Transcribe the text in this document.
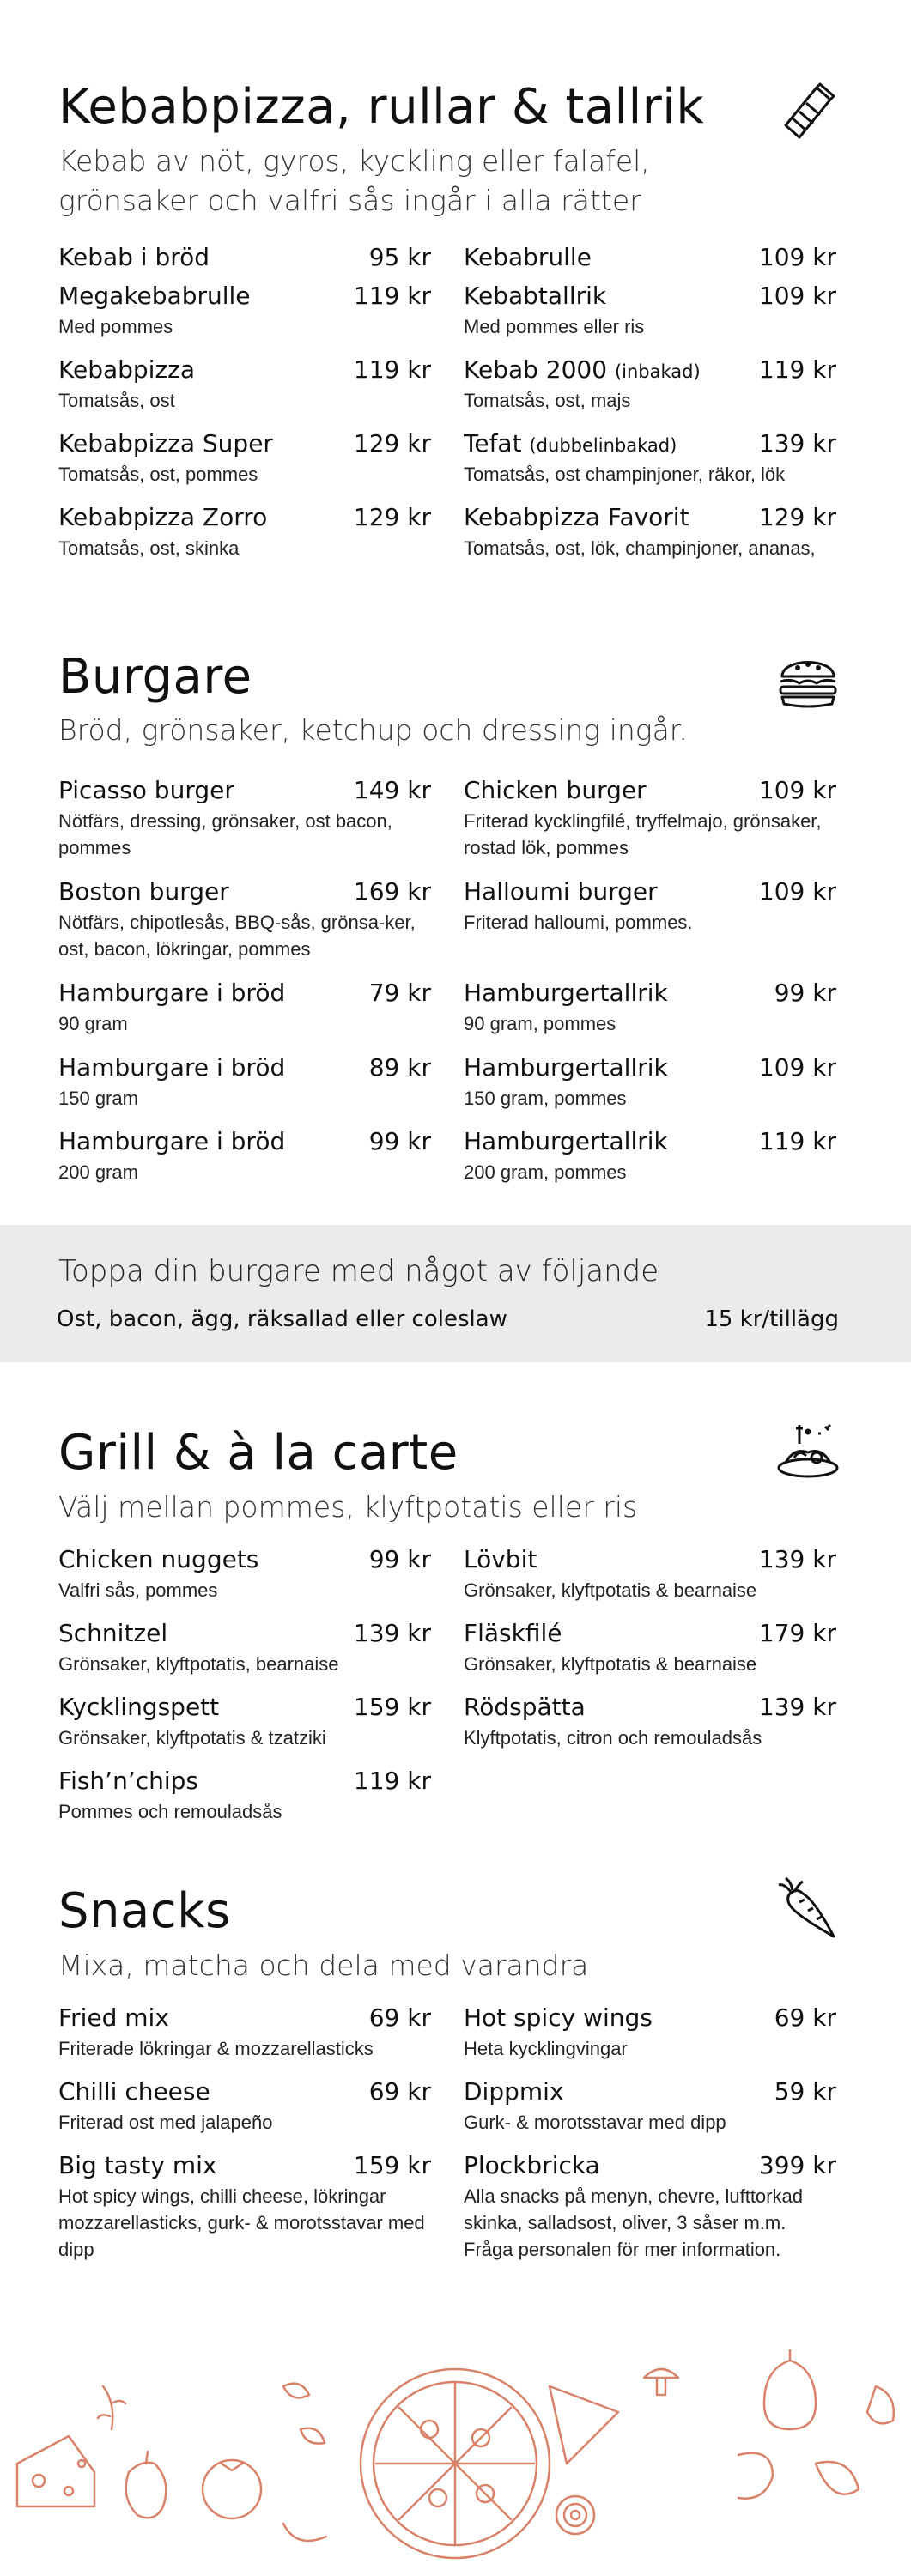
Kebabpizza, rullar & tallrik
Kebab av nöt, gyros, kyckling eller falafel, grönsaker och valfri sås ingår i alla rätter
Kebab i bröd	95 kr Kebabrulle	109 kr
Megakebabrulle	119 kr
Med pommes
Kebabtallrik	109 kr
Med pommes eller ris
Kebabpizza	119 kr
Tomatsås, ost
Kebab 2000 (inbakad) 119 kr
Tomatsås, ost, majs
Kebabpizza Super	129 kr
Tomatsås, ost, pommes
Tefat (dubbelinbakad)	139 kr
Tomatsås, ost champinjoner, räkor, lök
Kebabpizza Zorro	129 kr
Tomatsås, ost, skinka
Kebabpizza Favorit	129 kr
Tomatsås, ost, lök, champinjoner, ananas,
Burgare
Bröd, grönsaker, ketchup och dressing ingår.
Picasso burger	149 kr
Nötfärs, dressing, grönsaker, ost bacon, pommes
Chicken burger	109 kr
Friterad kycklingfilé, tryffelmajo, grönsaker, rostad lök, pommes
Boston burger	169 kr
Nötfärs, chipotlesås, BBQ-sås, grönsa-ker, ost, bacon, lökringar, pommes
Halloumi burger	109 kr
Friterad halloumi, pommes.
Hamburgare i bröd	79 kr
90 gram
Hamburgertallrik	99 kr
90 gram, pommes
Hamburgare i bröd	89 kr
150 gram
Hamburgertallrik	109 kr
150 gram, pommes
Hamburgare i bröd	99 kr
200 gram
Hamburgertallrik	119 kr
200 gram, pommes
Toppa din burgare med något av följande
Ost, bacon, ägg, räksallad eller coleslaw	15 kr/tillägg
Grill & à la carte
Välj mellan pommes, klyftpotatis eller ris
Chicken nuggets	99 kr
Valfri sås, pommes
Lövbit	139 kr
Grönsaker, klyftpotatis & bearnaise
Schnitzel	139 kr
Grönsaker, klyftpotatis, bearnaise
Fläskfilé	179 kr
Grönsaker, klyftpotatis & bearnaise
Kycklingspett	159 kr
Grönsaker, klyftpotatis & tzatziki
Rödspätta	139 kr
Klyftpotatis, citron och remouladsås
Fish’n’chips	119 kr
Pommes och remouladsås
Snacks
Mixa, matcha och dela med varandra
Fried mix	69 kr
Friterade lökringar & mozzarellasticks
Hot spicy wings	69 kr
Heta kycklingvingar
Chilli cheese	69 kr
Friterad ost med jalapeño
Dippmix	59 kr
Gurk- & morotsstavar med dipp
Big tasty mix	159 kr
Hot spicy wings, chilli cheese, lökringar mozzarellasticks, gurk- & morotsstavar med dipp
Plockbricka	399 kr
Alla snacks på menyn, chevre, lufttorkad skinka, salladsost, oliver, 3 såser m.m. Fråga personalen för mer information.
